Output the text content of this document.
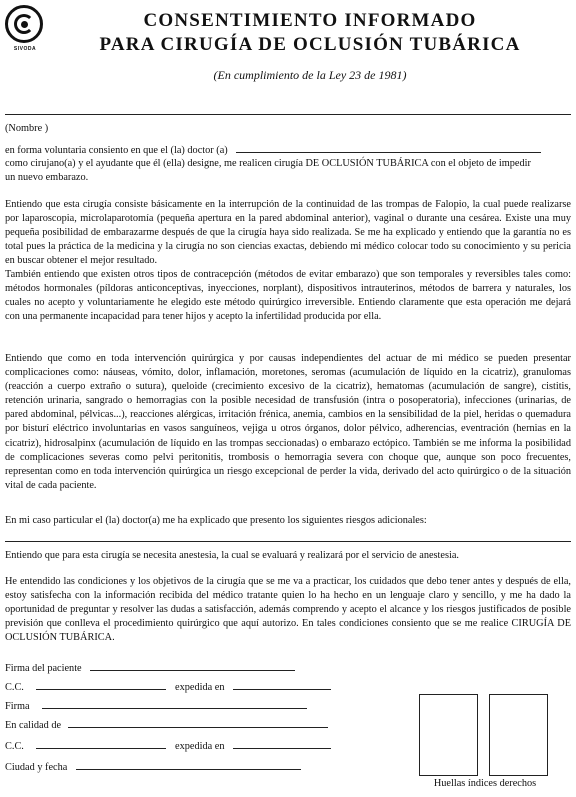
SIVODA
CONSENTIMIENTO INFORMADO
PARA CIRUGÍA DE OCLUSIÓN TUBÁRICA
(En cumplimiento de la Ley 23 de 1981)
(Nombre )
en forma voluntaria consiento en que el (la) doctor (a)
como cirujano(a) y el ayudante que él (ella) designe, me realicen cirugía DE OCLUSIÓN TUBÁRICA con el objeto de impedir
un nuevo embarazo.
Entiendo que esta cirugía consiste básicamente en la interrupción de la continuidad de las trompas de Falopio, la cual puede realizarse por laparoscopia, microlaparotomía (pequeña apertura en la pared abdominal anterior), vaginal o durante una cesárea. Existe una muy pequeña posibilidad de embarazarme después de que la cirugía haya sido realizada. Se me ha explicado y entiendo que la garantía no es total pues la práctica de la medicina y la cirugía no son ciencias exactas, debiendo mi médico colocar todo su conocimiento y su pericia en buscar obtener el mejor resultado.
También entiendo que existen otros tipos de contracepción (métodos de evitar embarazo) que son temporales y reversibles tales como: métodos hormonales (píldoras anticonceptivas, inyecciones, norplant), dispositivos intrauterinos, métodos de barrera y naturales, los cuales no acepto y voluntariamente he elegido este método quirúrgico irreversible. Entiendo claramente que esta operación me dejará con una permanente incapacidad para tener hijos y acepto la infertilidad producida por ella.
Entiendo que como en toda intervención quirúrgica y por causas independientes del actuar de mi médico se pueden presentar complicaciones como: náuseas, vómito, dolor, inflamación, moretones, seromas (acumulación de líquido en la cicatriz), granulomas (reacción a cuerpo extraño o sutura), queloide (crecimiento excesivo de la cicatriz), hematomas (acumulación de sangre), cistitis, retención urinaria, sangrado o hemorragias con la posible necesidad de transfusión (intra o posoperatoria), infecciones (urinarias, de pared abdominal, pélvicas...), reacciones alérgicas, irritación frénica, anemia, cambios en la sensibilidad de la piel, heridas o quemadura por bisturí eléctrico involuntarias en vasos sanguíneos, vejiga u otros órganos, dolor pélvico, adherencias, eventración (hernias en la cicatriz), hidrosalpinx (acumulación de líquido en las trompas seccionadas) o embarazo ectópico. También se me informa la posibilidad de complicaciones severas como pelvi peritonitis, trombosis o hemorragia severa con choque que, aunque son poco frecuentes, representan como en toda intervención quirúrgica un riesgo excepcional de perder la vida, derivado del acto quirúrgico o de la situación vital de cada paciente.
En mi caso particular el (la) doctor(a) me ha explicado que presento los siguientes riesgos adicionales:
Entiendo que para esta cirugía se necesita anestesia, la cual se evaluará y realizará por el servicio de anestesia.
He entendido las condiciones y los objetivos de la cirugía que se me va a practicar, los cuidados que debo tener antes y después de ella, estoy satisfecha con la información recibida del médico tratante quien lo ha hecho en un lenguaje claro y sencillo, y me ha dado la oportunidad de preguntar y resolver las dudas a satisfacción, además comprendo y acepto el alcance y los riesgos justificados de posible previsión que conlleva el procedimiento quirúrgico que aquí autorizo. En tales condiciones consiento que se me realice CIRUGÍA DE OCLUSIÓN TUBÁRICA.
Firma del paciente
C.C.	expedida en
Firma
En calidad de
C.C.	expedida en
Ciudad y fecha
Huellas índices derechos
